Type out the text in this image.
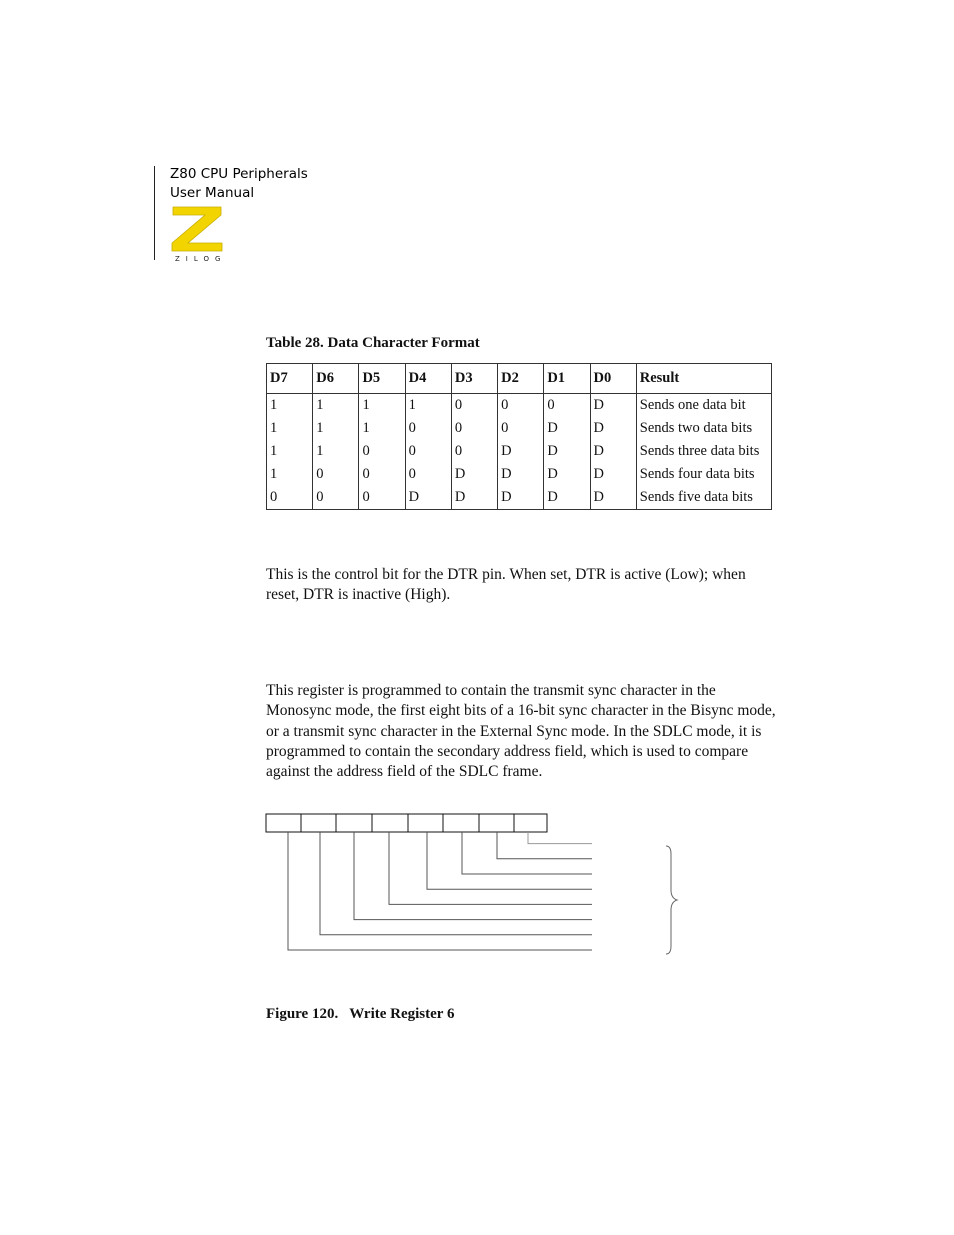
Z80 CPU Peripherals
User Manual
ZILOG
Table 28. Data Character Format
D7	D6	D5	D4	D3	D2	D1	D0	Result
1	1	1	1	0	0	0	D	Sends one data bit
1	1	1	0	0	0	D	D	Sends two data bits
1	1	0	0	0	D	D	D	Sends three data bits
1	0	0	0	D	D	D	D	Sends four data bits
0	0	0	D	D	D	D	D	Sends five data bits

This is the control bit for the DTR pin. When set, DTR is active (Low); when reset, DTR is inactive (High).

This register is programmed to contain the transmit sync character in the Monosync mode, the first eight bits of a 16-bit sync character in the Bisync mode, or a transmit sync character in the External Sync mode. In the SDLC mode, it is programmed to contain the secondary address field, which is used to compare against the address field of the SDLC frame.

Figure 120.   Write Register 6
